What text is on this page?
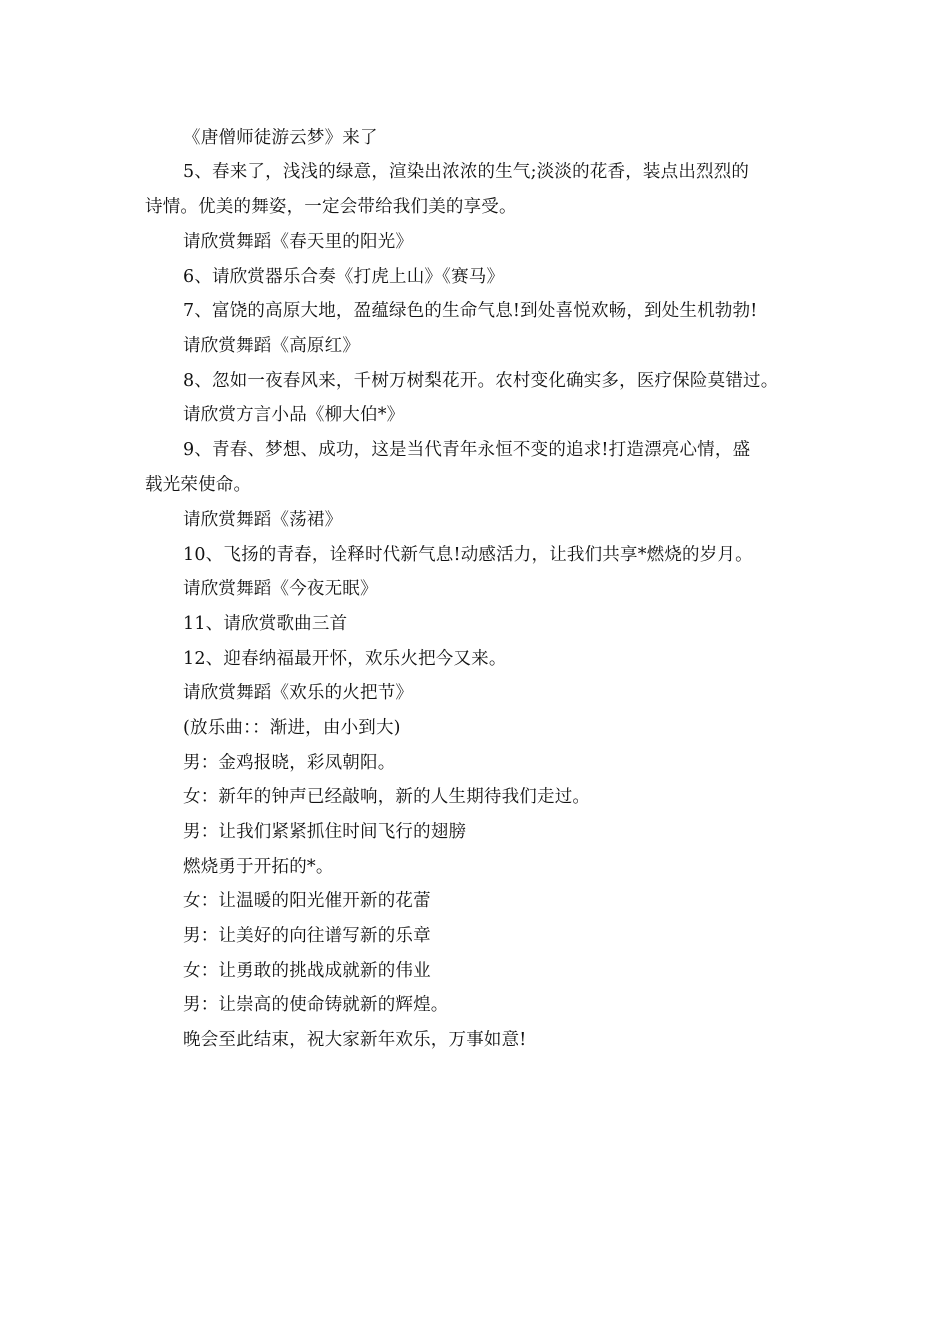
《唐僧师徒游云梦》来了
5、春来了，浅浅的绿意，渲染出浓浓的生气;淡淡的花香，装点出烈烈的
诗情。优美的舞姿，一定会带给我们美的享受。
请欣赏舞蹈《春天里的阳光》
6、请欣赏器乐合奏《打虎上山》《赛马》
7、富饶的高原大地，盈蕴绿色的生命气息!到处喜悦欢畅，到处生机勃勃!
请欣赏舞蹈《高原红》
8、忽如一夜春风来，千树万树梨花开。农村变化确实多，医疗保险莫错过。
请欣赏方言小品《柳大伯*》
9、青春、梦想、成功，这是当代青年永恒不变的追求!打造漂亮心情，盛
载光荣使命。
请欣赏舞蹈《荡裙》
10、飞扬的青春，诠释时代新气息!动感活力，让我们共享*燃烧的岁月。
请欣赏舞蹈《今夜无眠》
11、请欣赏歌曲三首
12、迎春纳福最开怀，欢乐火把今又来。
请欣赏舞蹈《欢乐的火把节》
(放乐曲：：渐进，由小到大)
男：金鸡报晓，彩凤朝阳。
女：新年的钟声已经敲响，新的人生期待我们走过。
男：让我们紧紧抓住时间飞行的翅膀
燃烧勇于开拓的*。
女：让温暖的阳光催开新的花蕾
男：让美好的向往谱写新的乐章
女：让勇敢的挑战成就新的伟业
男：让崇高的使命铸就新的辉煌。
晚会至此结束，祝大家新年欢乐，万事如意!
